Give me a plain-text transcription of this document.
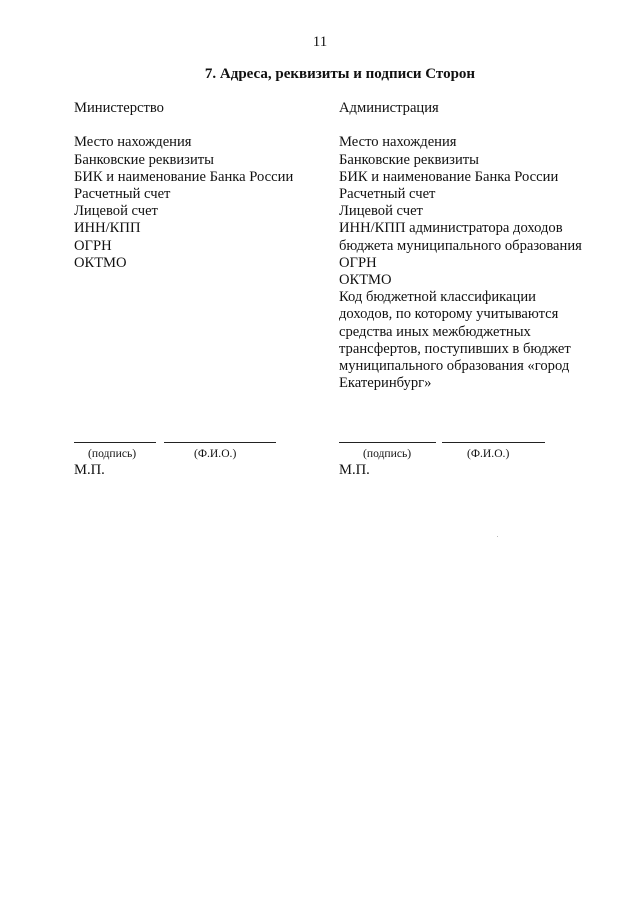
11
7. Адреса, реквизиты и подписи Сторон
Министерство
Место нахождения
Банковские реквизиты
БИК и наименование Банка России
Расчетный счет
Лицевой счет
ИНН/КПП
ОГРН
ОКТМО
Администрация
Место нахождения
Банковские реквизиты
БИК и наименование Банка России
Расчетный счет
Лицевой счет
ИНН/КПП администратора доходов
бюджета муниципального образования
ОГРН
ОКТМО
Код бюджетной классификации
доходов, по которому учитываются
средства иных межбюджетных
трансфертов, поступивших в бюджет
муниципального образования «город
Екатеринбург»
(подпись)	(Ф.И.О.)
М.П.
(подпись)	(Ф.И.О.)
М.П.
